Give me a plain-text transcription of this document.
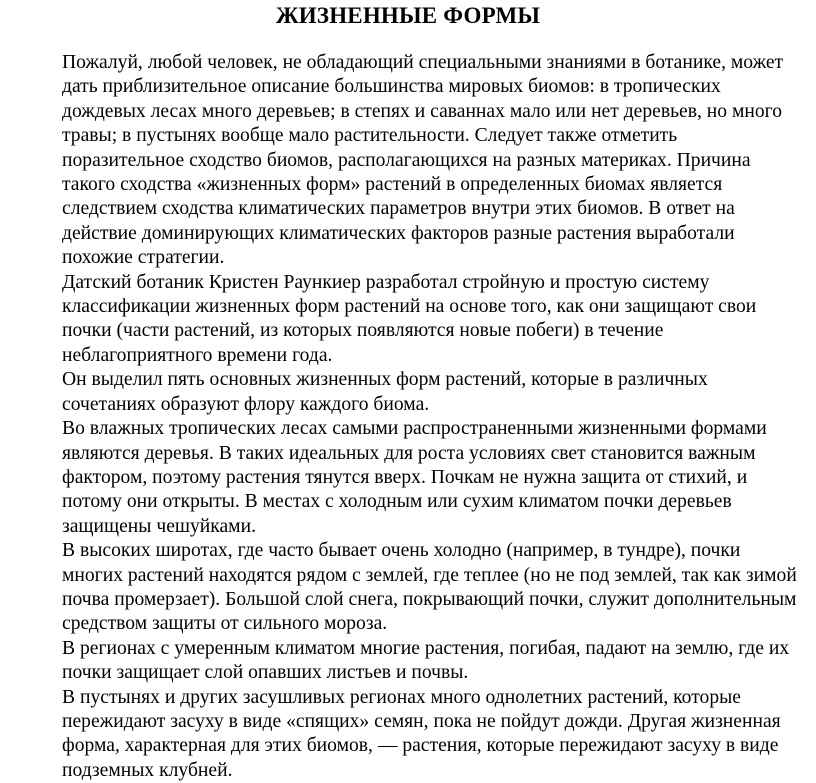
ЖИЗНЕННЫЕ ФОРМЫ

Пожалуй, любой человек, не обладающий специальными знаниями в ботанике, может дать приблизительное описание большинства мировых биомов: в тропических дождевых лесах много деревьев; в степях и саваннах мало или нет деревьев, но много травы; в пустынях вообще мало растительности. Следует также отметить поразительное сходство биомов, располагающихся на разных материках. Причина такого сходства «жизненных форм» растений в определенных биомах является следствием сходства климатических параметров внутри этих биомов. В ответ на действие доминирующих климатических факторов разные растения выработали похожие стратегии.

Датский ботаник Кристен Раункиер разработал стройную и простую систему классификации жизненных форм растений на основе того, как они защищают свои почки (части растений, из которых появляются новые побеги) в течение неблагоприятного времени года.

Он выделил пять основных жизненных форм растений, которые в различных сочетаниях образуют флору каждого биома.

Во влажных тропических лесах самыми распространенными жизненными формами являются деревья. В таких идеальных для роста условиях свет становится важным фактором, поэтому растения тянутся вверх. Почкам не нужна защита от стихий, и потому они открыты. В местах с холодным или сухим климатом почки деревьев защищены чешуйками.

В высоких широтах, где часто бывает очень холодно (например, в тундре), почки многих растений находятся рядом с землей, где теплее (но не под землей, так как зимой почва промерзает). Большой слой снега, покрывающий почки, служит дополнительным средством защиты от сильного мороза.

В регионах с умеренным климатом многие растения, погибая, падают на землю, где их почки защищает слой опавших листьев и почвы.

В пустынях и других засушливых регионах много однолетних растений, которые пережидают засуху в виде «спящих» семян, пока не пойдут дожди. Другая жизненная форма, характерная для этих биомов, — растения, которые пережидают засуху в виде подземных клубней.
